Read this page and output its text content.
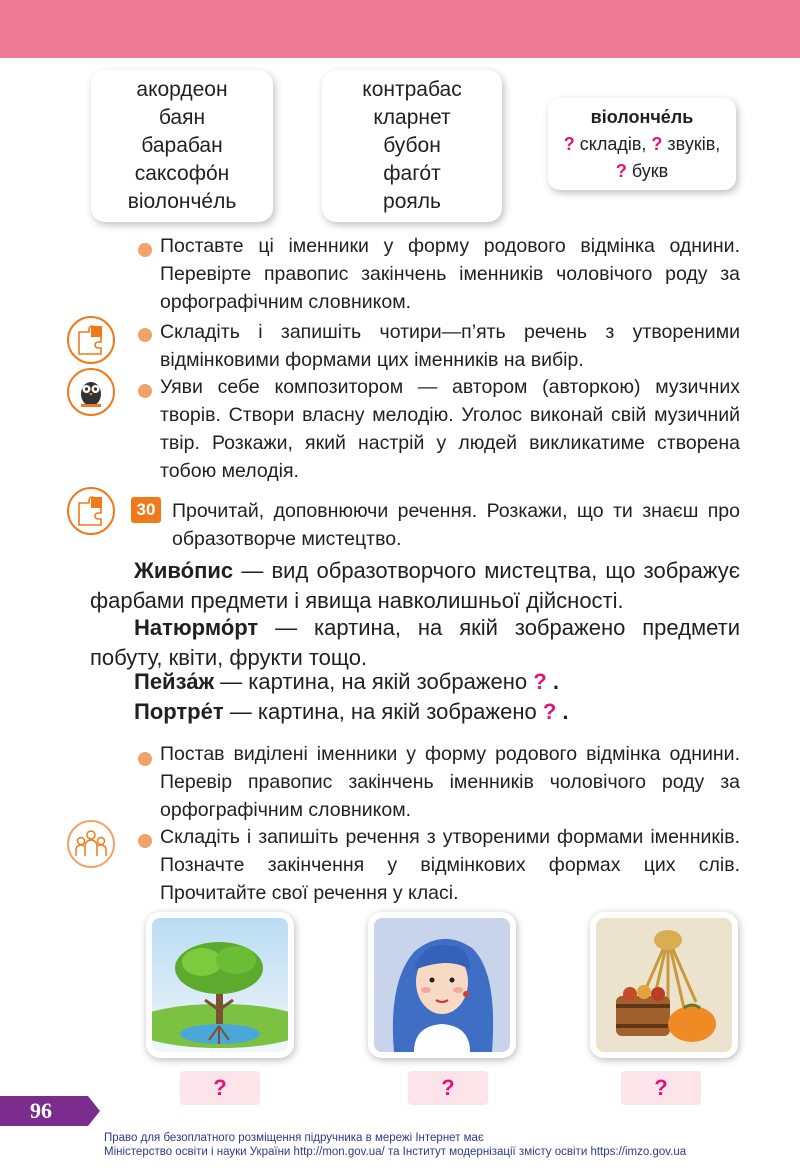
акордеон
баян
барабан
саксофо́н
віолонче́ль
контрабас
кларнет
бубон
фаго́т
рояль
віолонче́ль
? складів, ? звуків,
? букв
Поставте ці іменники у форму родового відмінка однини. Перевірте правопис закінчень іменників чоловічого роду за орфографічним словником.
Складіть і запишіть чотири—п’ять речень з утвореними відмінковими формами цих іменників на вибір.
Уяви себе композитором — автором (авторкою) музичних творів. Створи власну мелодію. Уголос виконай свій музичний твір. Розкажи, який настрій у людей викликатиме створена тобою мелодія.
30 Прочитай, доповнюючи речення. Розкажи, що ти знаєш про образотворче мистецтво.
Живо́пис — вид образотворчого мистецтва, що зображує фарбами предмети і явища навколишньої дійсності.
Натюрмо́рт — картина, на якій зображено предмети побуту, квіти, фрукти тощо.
Пейза́ж — картина, на якій зображено ? .
Портре́т — картина, на якій зображено ? .
Постав виділені іменники у форму родового відмінка однини. Перевір правопис закінчень іменників чоловічого роду за орфографічним словником.
Складіть і запишіть речення з утвореними формами іменників. Позначте закінчення у відмінкових формах цих слів. Прочитайте свої речення у класі.
?	?	?
96
Право для безоплатного розміщення підручника в мережі Інтернет має
Міністерство освіти і науки України http://mon.gov.ua/ та Інститут модернізації змісту освіти https://imzo.gov.ua
